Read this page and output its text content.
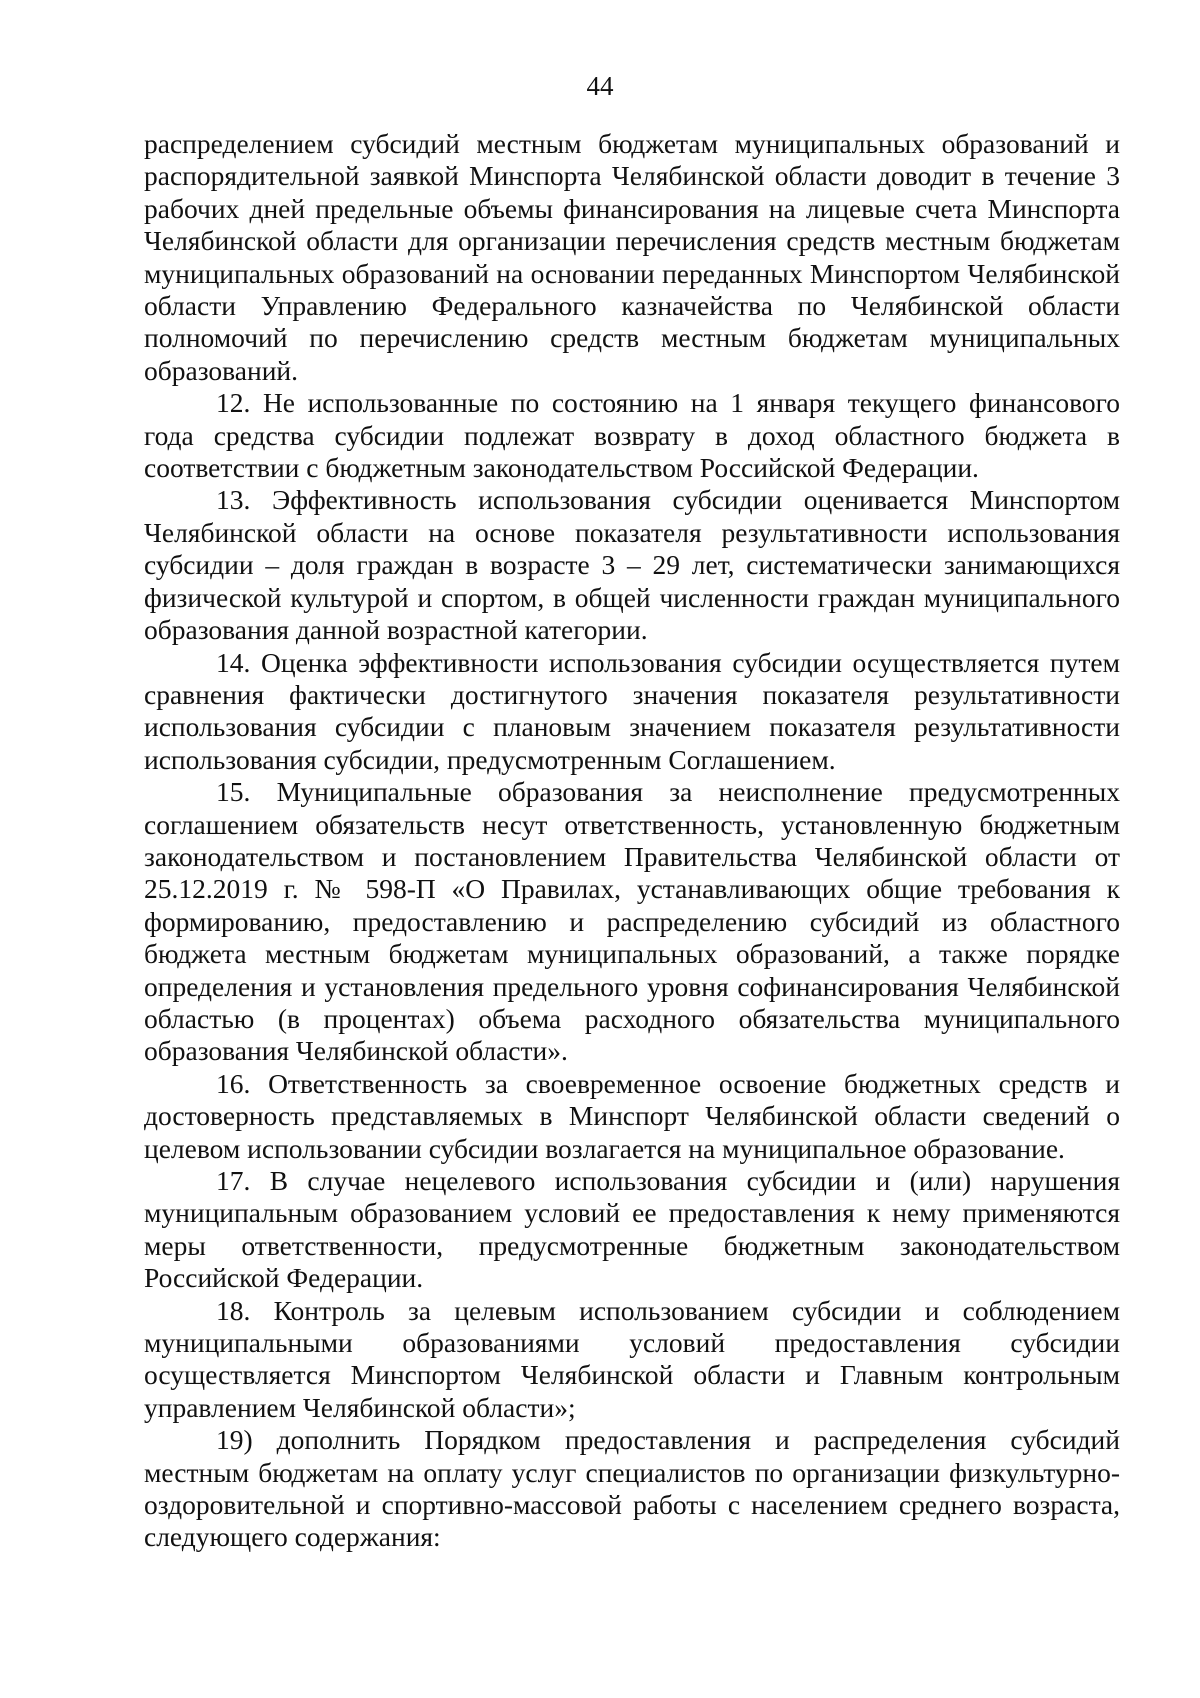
44

распределением субсидий местным бюджетам муниципальных образований и распорядительной заявкой Минспорта Челябинской области доводит в течение 3 рабочих дней предельные объемы финансирования на лицевые счета Минспорта Челябинской области для организации перечисления средств местным бюджетам муниципальных образований на основании переданных Минспортом Челябинской области Управлению Федерального казначейства по Челябинской области полномочий по перечислению средств местным бюджетам муниципальных образований.

12. Не использованные по состоянию на 1 января текущего финансового года средства субсидии подлежат возврату в доход областного бюджета в соответствии с бюджетным законодательством Российской Федерации.

13. Эффективность использования субсидии оценивается Минспортом Челябинской области на основе показателя результативности использования субсидии – доля граждан в возрасте 3 – 29 лет, систематически занимающихся физической культурой и спортом, в общей численности граждан муниципального образования данной возрастной категории.

14. Оценка эффективности использования субсидии осуществляется путем сравнения фактически достигнутого значения показателя результативности использования субсидии с плановым значением показателя результативности использования субсидии, предусмотренным Соглашением.

15. Муниципальные образования за неисполнение предусмотренных соглашением обязательств несут ответственность, установленную бюджетным законодательством и постановлением Правительства Челябинской области от 25.12.2019 г. № 598-П «О Правилах, устанавливающих общие требования к формированию, предоставлению и распределению субсидий из областного бюджета местным бюджетам муниципальных образований, а также порядке определения и установления предельного уровня софинансирования Челябинской областью (в процентах) объема расходного обязательства муниципального образования Челябинской области».

16. Ответственность за своевременное освоение бюджетных средств и достоверность представляемых в Минспорт Челябинской области сведений о целевом использовании субсидии возлагается на муниципальное образование.

17. В случае нецелевого использования субсидии и (или) нарушения муниципальным образованием условий ее предоставления к нему применяются меры ответственности, предусмотренные бюджетным законодательством Российской Федерации.

18. Контроль за целевым использованием субсидии и соблюдением муниципальными образованиями условий предоставления субсидии осуществляется Минспортом Челябинской области и Главным контрольным управлением Челябинской области»;

19) дополнить Порядком предоставления и распределения субсидий местным бюджетам на оплату услуг специалистов по организации физкультурно-оздоровительной и спортивно-массовой работы с населением среднего возраста, следующего содержания:
